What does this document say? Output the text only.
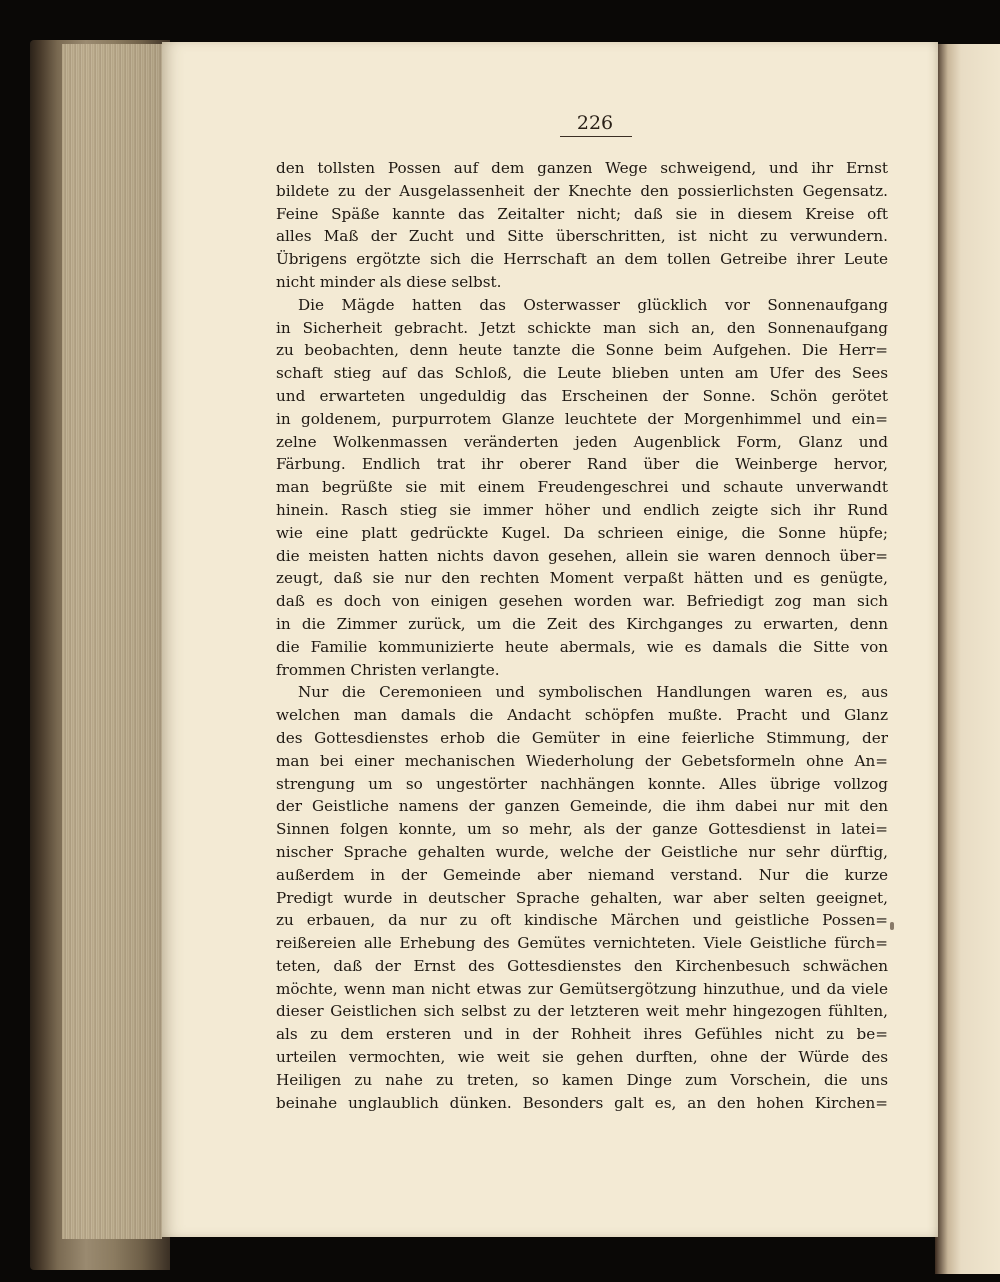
226
den tollsten Possen auf dem ganzen Wege schweigend, und ihr Ernst
bildete zu der Ausgelassenheit der Knechte den possierlichsten Gegensatz.
Feine Späße kannte das Zeitalter nicht; daß sie in diesem Kreise oft
alles Maß der Zucht und Sitte überschritten, ist nicht zu verwundern.
Übrigens ergötzte sich die Herrschaft an dem tollen Getreibe ihrer Leute
nicht minder als diese selbst.
Die Mägde hatten das Osterwasser glücklich vor Sonnenaufgang
in Sicherheit gebracht. Jetzt schickte man sich an, den Sonnenaufgang
zu beobachten, denn heute tanzte die Sonne beim Aufgehen. Die Herr=
schaft stieg auf das Schloß, die Leute blieben unten am Ufer des Sees
und erwarteten ungeduldig das Erscheinen der Sonne. Schön gerötet
in goldenem, purpurrotem Glanze leuchtete der Morgenhimmel und ein=
zelne Wolkenmassen veränderten jeden Augenblick Form, Glanz und
Färbung. Endlich trat ihr oberer Rand über die Weinberge hervor,
man begrüßte sie mit einem Freudengeschrei und schaute unverwandt
hinein. Rasch stieg sie immer höher und endlich zeigte sich ihr Rund
wie eine platt gedrückte Kugel. Da schrieen einige, die Sonne hüpfe;
die meisten hatten nichts davon gesehen, allein sie waren dennoch über=
zeugt, daß sie nur den rechten Moment verpaßt hätten und es genügte,
daß es doch von einigen gesehen worden war. Befriedigt zog man sich
in die Zimmer zurück, um die Zeit des Kirchganges zu erwarten, denn
die Familie kommunizierte heute abermals, wie es damals die Sitte von
frommen Christen verlangte.
Nur die Ceremonieen und symbolischen Handlungen waren es, aus
welchen man damals die Andacht schöpfen mußte. Pracht und Glanz
des Gottesdienstes erhob die Gemüter in eine feierliche Stimmung, der
man bei einer mechanischen Wiederholung der Gebetsformeln ohne An=
strengung um so ungestörter nachhängen konnte. Alles übrige vollzog
der Geistliche namens der ganzen Gemeinde, die ihm dabei nur mit den
Sinnen folgen konnte, um so mehr, als der ganze Gottesdienst in latei=
nischer Sprache gehalten wurde, welche der Geistliche nur sehr dürftig,
außerdem in der Gemeinde aber niemand verstand. Nur die kurze
Predigt wurde in deutscher Sprache gehalten, war aber selten geeignet,
zu erbauen, da nur zu oft kindische Märchen und geistliche Possen=
reißereien alle Erhebung des Gemütes vernichteten. Viele Geistliche fürch=
teten, daß der Ernst des Gottesdienstes den Kirchenbesuch schwächen
möchte, wenn man nicht etwas zur Gemütsergötzung hinzuthue, und da viele
dieser Geistlichen sich selbst zu der letzteren weit mehr hingezogen fühlten,
als zu dem ersteren und in der Rohheit ihres Gefühles nicht zu be=
urteilen vermochten, wie weit sie gehen durften, ohne der Würde des
Heiligen zu nahe zu treten, so kamen Dinge zum Vorschein, die uns
beinahe unglaublich dünken. Besonders galt es, an den hohen Kirchen=
